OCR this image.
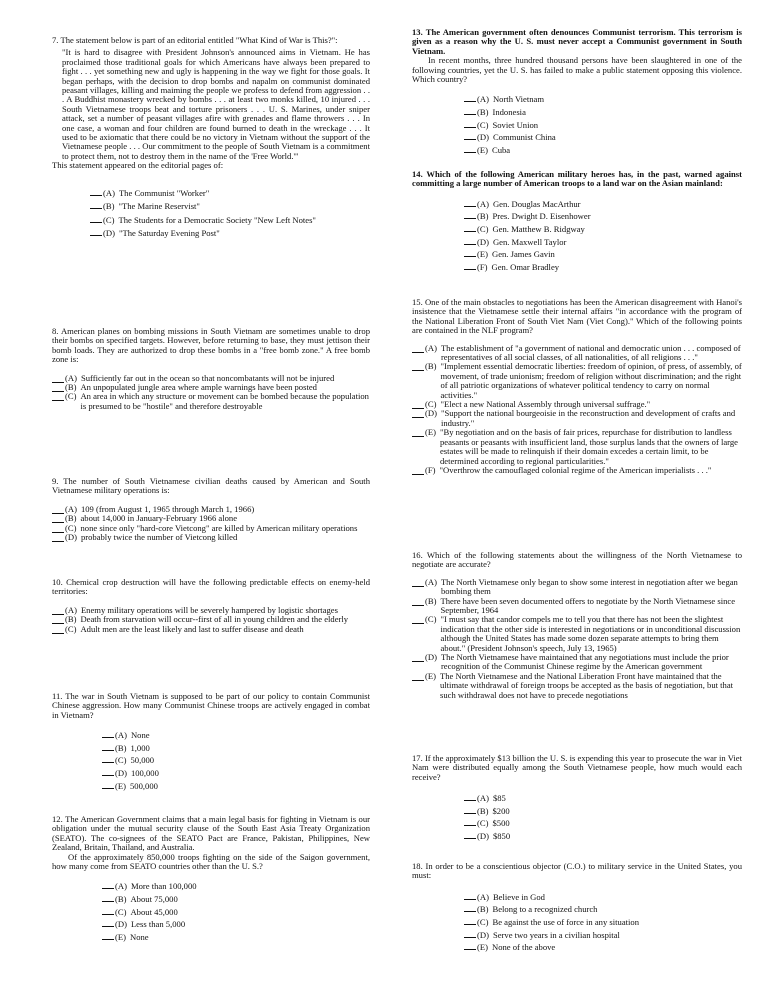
7. The statement below is part of an editorial entitled "What Kind of War is This?":

"It is hard to disagree with President Johnson's announced aims in Vietnam. He has proclaimed those traditional goals for which Americans have always been prepared to fight . . . yet something new and ugly is happening in the way we fight for those goals. It began perhaps, with the decision to drop bombs and napalm on communist dominated peasant villages, killing and maiming the people we profess to defend from aggression . . . A Buddhist monastery wrecked by bombs . . . at least two monks killed, 10 injured . . . South Vietnamese troops beat and torture prisoners . . . U. S. Marines, under sniper attack, set a number of peasant villages afire with grenades and flame throwers . . . In one case, a woman and four children are found burned to death in the wreckage . . . It used to be axiomatic that there could be no victory in Vietnam without the support of the Vietnamese people . . . Our commitment to the people of South Vietnam is a commitment to protect them, not to destroy them in the name of the 'Free World.'"

This statement appeared on the editorial pages of:

(A) The Communist "Worker"
(B) "The Marine Reservist"
(C) The Students for a Democratic Society "New Left Notes"
(D) "The Saturday Evening Post"

8. American planes on bombing missions in South Vietnam are sometimes unable to drop their bombs on specified targets. However, before returning to base, they must jettison their bomb loads. They are authorized to drop these bombs in a "free bomb zone." A free bomb zone is:

(A) Sufficiently far out in the ocean so that noncombatants will not be injured
(B) An unpopulated jungle area where ample warnings have been posted
(C) An area in which any structure or movement can be bombed because the population is presumed to be "hostile" and therefore destroyable

9. The number of South Vietnamese civilian deaths caused by American and South Vietnamese military operations is:

(A) 109 (from August 1, 1965 through March 1, 1966)
(B) about 14,000 in January-February 1966 alone
(C) none since only "hard-core Vietcong" are killed by American military operations
(D) probably twice the number of Vietcong killed

10. Chemical crop destruction will have the following predictable effects on enemy-held territories:

(A) Enemy military operations will be severely hampered by logistic shortages
(B) Death from starvation will occur--first of all in young children and the elderly
(C) Adult men are the least likely and last to suffer disease and death

11. The war in South Vietnam is supposed to be part of our policy to contain Communist Chinese aggression. How many Communist Chinese troops are actively engaged in combat in Vietnam?

(A) None
(B) 1,000
(C) 50,000
(D) 100,000
(E) 500,000

12. The American Government claims that a main legal basis for fighting in Vietnam is our obligation under the mutual security clause of the South East Asia Treaty Organization (SEATO). The co-signees of the SEATO Pact are France, Pakistan, Philippines, New Zealand, Britain, Thailand, and Australia.

Of the approximately 850,000 troops fighting on the side of the Saigon government, how many come from SEATO countries other than the U. S.?

(A) More than 100,000
(B) About 75,000
(C) About 45,000
(D) Less than 5,000
(E) None

13. The American government often denounces Communist terrorism. This terrorism is given as a reason why the U. S. must never accept a Communist government in South Vietnam.

In recent months, three hundred thousand persons have been slaughtered in one of the following countries, yet the U. S. has failed to make a public statement opposing this violence. Which country?

(A) North Vietnam
(B) Indonesia
(C) Soviet Union
(D) Communist China
(E) Cuba

14. Which of the following American military heroes has, in the past, warned against committing a large number of American troops to a land war on the Asian mainland:

(A) Gen. Douglas MacArthur
(B) Pres. Dwight D. Eisenhower
(C) Gen. Matthew B. Ridgway
(D) Gen. Maxwell Taylor
(E) Gen. James Gavin
(F) Gen. Omar Bradley

15. One of the main obstacles to negotiations has been the American disagreement with Hanoi's insistence that the Vietnamese settle their internal affairs "in accordance with the program of the National Liberation Front of South Viet Nam (Viet Cong)." Which of the following points are contained in the NLF program?

(A) The establishment of "a government of national and democratic union . . . composed of representatives of all social classes, of all nationalities, of all religions . . ."
(B) "Implement essential democratic liberties: freedom of opinion, of press, of assembly, of movement, of trade unionism; freedom of religion without discrimination; and the right of all patriotic organizations of whatever political tendency to carry on normal activities."
(C) "Elect a new National Assembly through universal suffrage."
(D) "Support the national bourgeoisie in the reconstruction and development of crafts and industry."
(E) "By negotiation and on the basis of fair prices, repurchase for distribution to landless peasants or peasants with insufficient land, those surplus lands that the owners of large estates will be made to relinquish if their domain excedes a certain limit, to be determined according to regional particularities."
(F) "Overthrow the camouflaged colonial regime of the American imperialists . . ."

16. Which of the following statements about the willingness of the North Vietnamese to negotiate are accurate?

(A) The North Vietnamese only began to show some interest in negotiation after we began bombing them
(B) There have been seven documented offers to negotiate by the North Vietnamese since September, 1964
(C) "I must say that candor compels me to tell you that there has not been the slightest indication that the other side is interested in negotiations or in unconditional discussion although the United States has made some dozen separate attempts to bring them about." (President Johnson's speech, July 13, 1965)
(D) The North Vietnamese have maintained that any negotiations must include the prior recognition of the Communist Chinese regime by the American government
(E) The North Vietnamese and the National Liberation Front have maintained that the ultimate withdrawal of foreign troops be accepted as the basis of negotiation, but that such withdrawal does not have to precede negotiations

17. If the approximately $13 billion the U. S. is expending this year to prosecute the war in Viet Nam were distributed equally among the South Vietnamese people, how much would each receive?

(A) $85
(B) $200
(C) $500
(D) $850

18. In order to be a conscientious objector (C.O.) to military service in the United States, you must:

(A) Believe in God
(B) Belong to a recognized church
(C) Be against the use of force in any situation
(D) Serve two years in a civilian hospital
(E) None of the above
